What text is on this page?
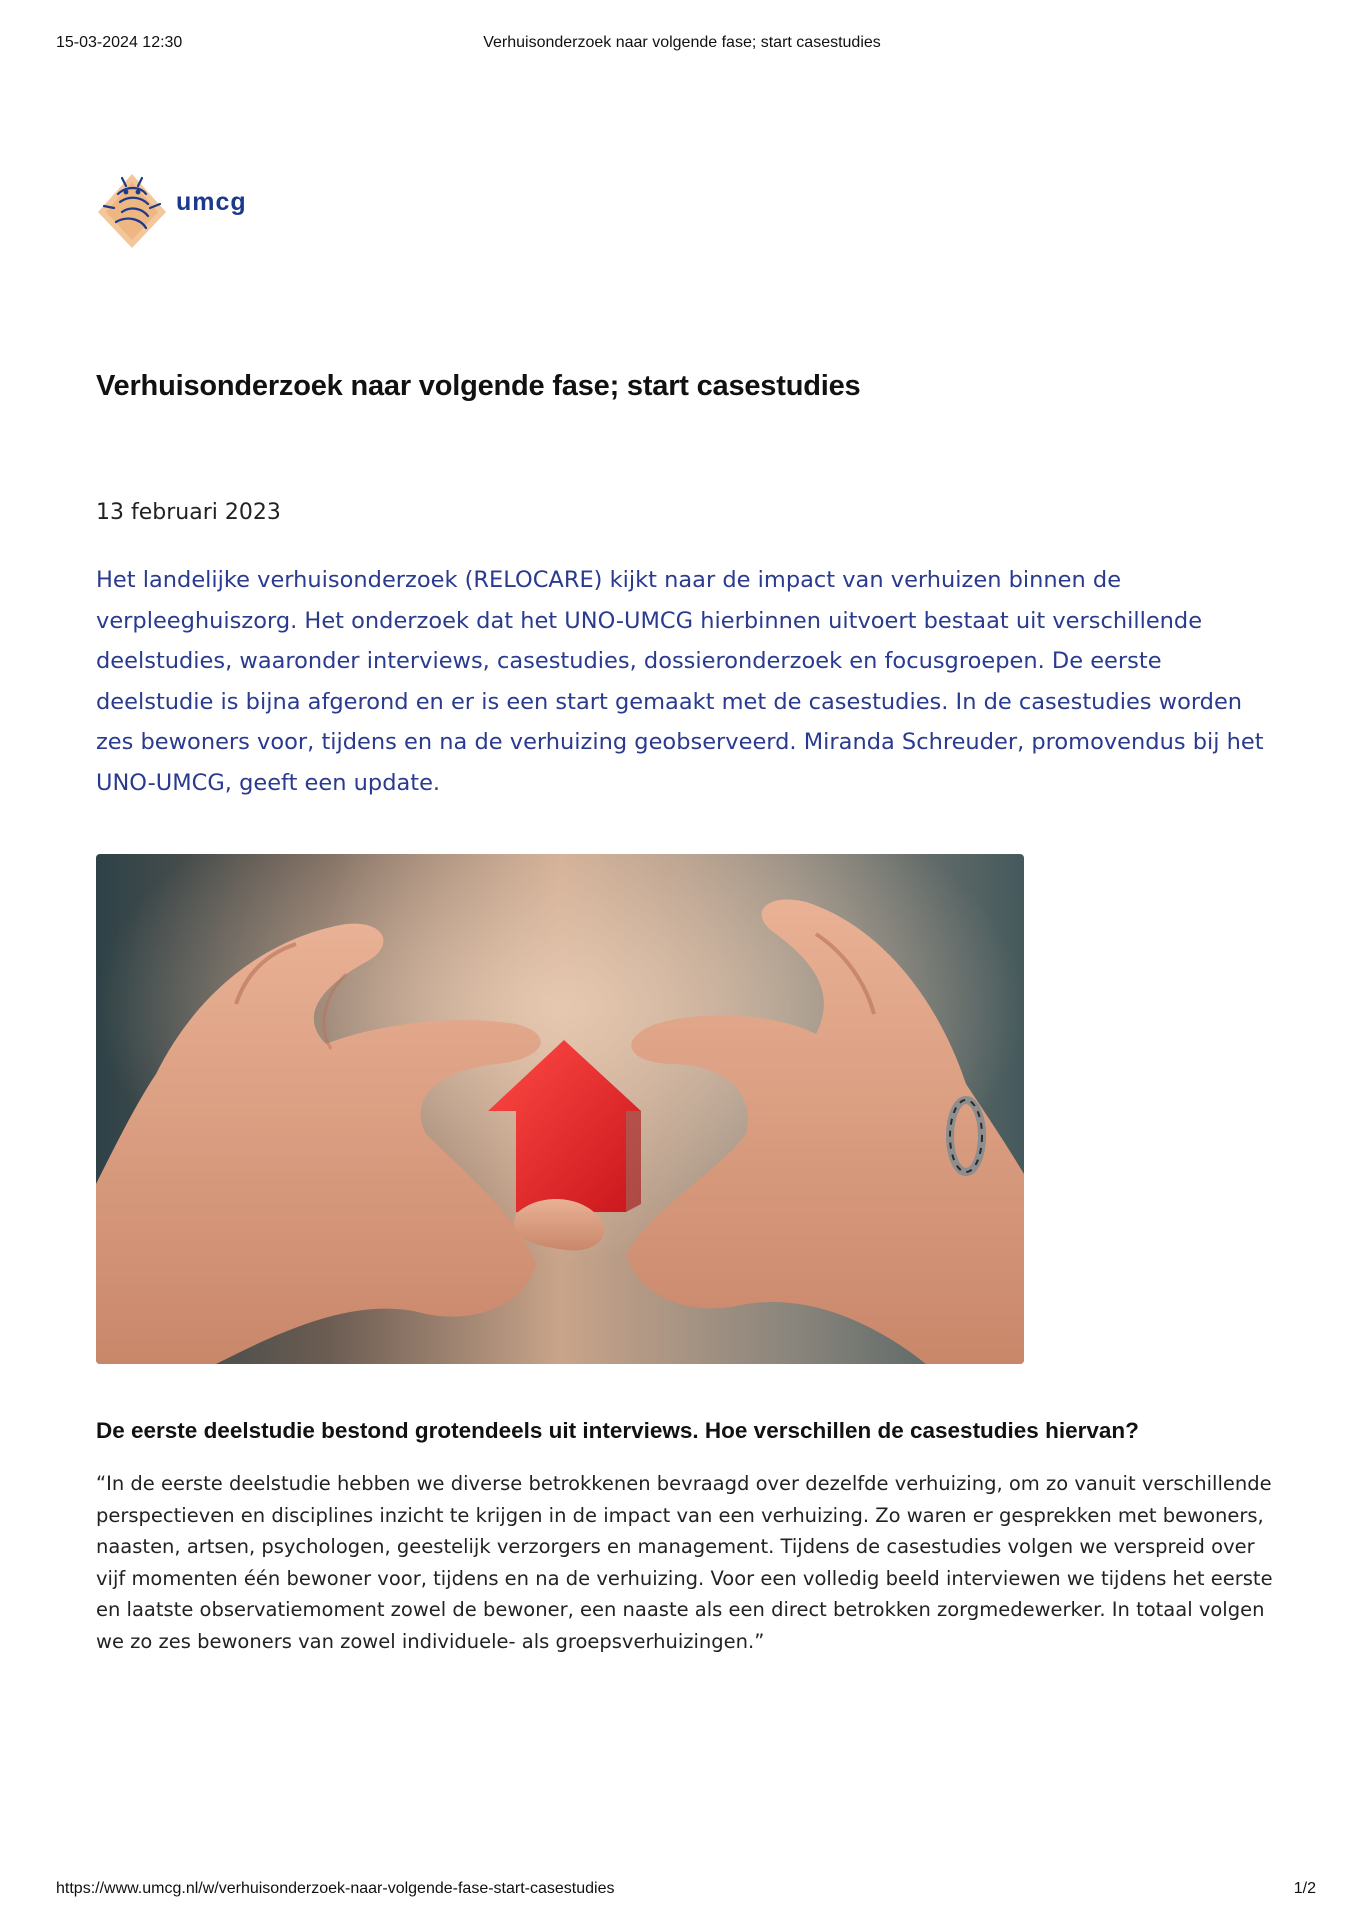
15-03-2024 12:30	Verhuisonderzoek naar volgende fase; start casestudies
umcg
Verhuisonderzoek naar volgende fase; start casestudies
13 februari 2023

Het landelijke verhuisonderzoek (RELOCARE) kijkt naar de impact van verhuizen binnen de verpleeghuiszorg. Het onderzoek dat het UNO-UMCG hierbinnen uitvoert bestaat uit verschillende deelstudies, waaronder interviews, casestudies, dossieronderzoek en focusgroepen. De eerste deelstudie is bijna afgerond en er is een start gemaakt met de casestudies. In de casestudies worden zes bewoners voor, tijdens en na de verhuizing geobserveerd. Miranda Schreuder, promovendus bij het UNO-UMCG, geeft een update.

De eerste deelstudie bestond grotendeels uit interviews. Hoe verschillen de casestudies hiervan?

“In de eerste deelstudie hebben we diverse betrokkenen bevraagd over dezelfde verhuizing, om zo vanuit verschillende perspectieven en disciplines inzicht te krijgen in de impact van een verhuizing. Zo waren er gesprekken met bewoners, naasten, artsen, psychologen, geestelijk verzorgers en management. Tijdens de casestudies volgen we verspreid over vijf momenten één bewoner voor, tijdens en na de verhuizing. Voor een volledig beeld interviewen we tijdens het eerste en laatste observatiemoment zowel de bewoner, een naaste als een direct betrokken zorgmedewerker. In totaal volgen we zo zes bewoners van zowel individuele- als groepsverhuizingen.”

https://www.umcg.nl/w/verhuisonderzoek-naar-volgende-fase-start-casestudies	1/2
